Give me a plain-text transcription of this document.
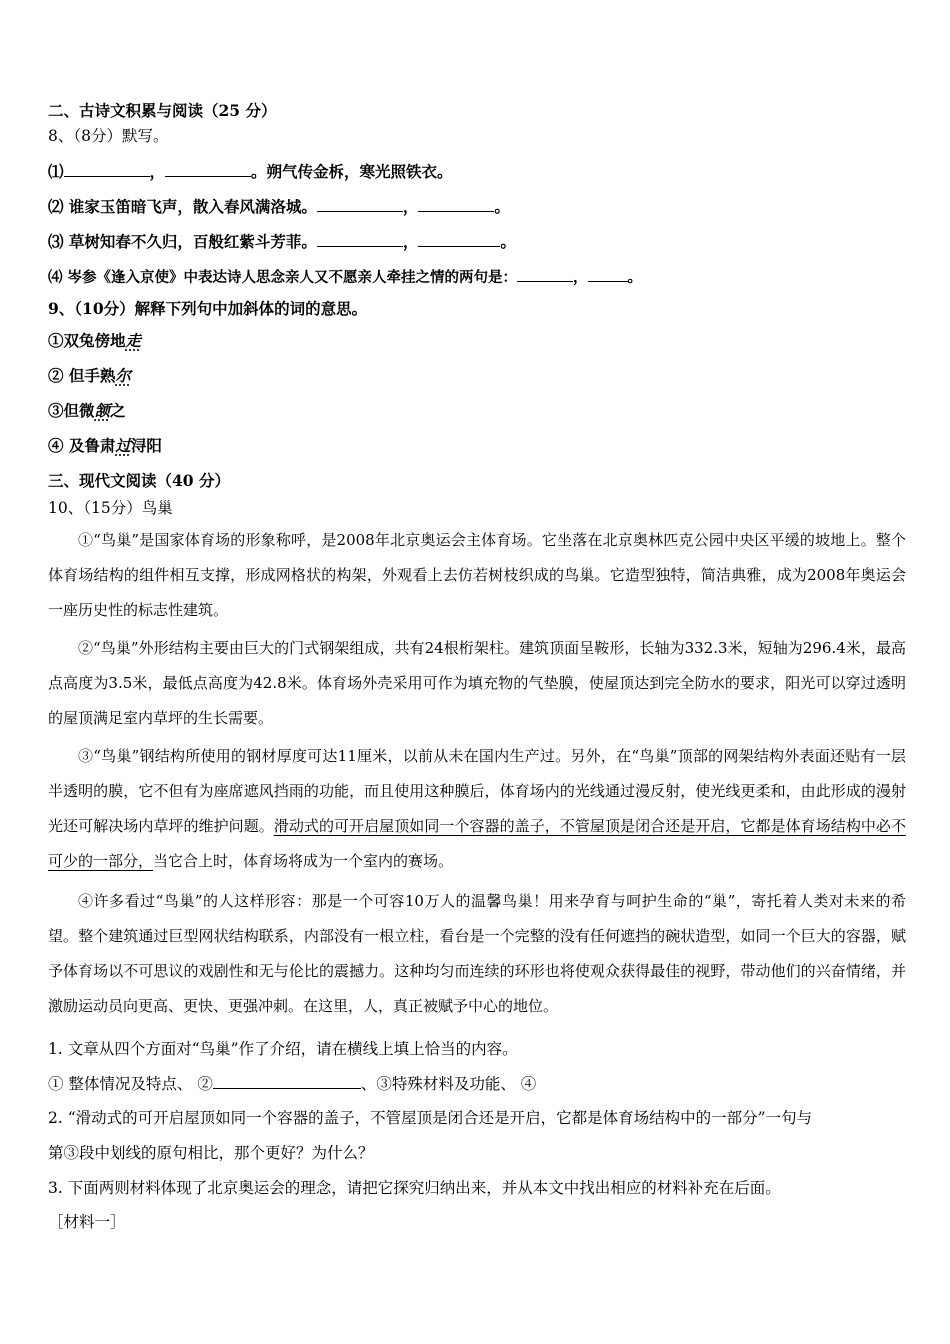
二、古诗文积累与阅读（25 分）
8、（8分）默写。
⑴	，	。朔气传金柝，寒光照铁衣。
⑵ 谁家玉笛暗飞声，散入春风满洛城。	，	。
⑶ 草树知春不久归，百般红紫斗芳菲。	，	。
⑷ 岑参《逢入京使》中表达诗人思念亲人又不愿亲人牵挂之情的两句是：	，	。
9、（10分）解释下列句中加斜体的词的意思。
①双兔傍地走
② 但手熟尔
③但微颔之
④ 及鲁肃过浔阳
三、现代文阅读（40 分）
10、（15分）鸟巢
①“鸟巢”是国家体育场的形象称呼，是2008年北京奥运会主体育场。它坐落在北京奥林匹克公园中央区平缓的坡地上。整个体育场结构的组件相互支撑，形成网格状的构架，外观看上去仿若树枝织成的鸟巢。它造型独特，简洁典雅，成为2008年奥运会一座历史性的标志性建筑。
②“鸟巢”外形结构主要由巨大的门式钢架组成，共有24根桁架柱。建筑顶面呈鞍形，长轴为332.3米，短轴为296.4米，最高点高度为3.5米，最低点高度为42.8米。体育场外壳采用可作为填充物的气垫膜，使屋顶达到完全防水的要求，阳光可以穿过透明的屋顶满足室内草坪的生长需要。
③“鸟巢”钢结构所使用的钢材厚度可达11厘米，以前从未在国内生产过。另外，在“鸟巢”顶部的网架结构外表面还贴有一层半透明的膜，它不但有为座席遮风挡雨的功能，而且使用这种膜后，体育场内的光线通过漫反射，使光线更柔和，由此形成的漫射光还可解决场内草坪的维护问题。滑动式的可开启屋顶如同一个容器的盖子，不管屋顶是闭合还是开启，它都是体育场结构中必不可少的一部分，当它合上时，体育场将成为一个室内的赛场。
④许多看过“鸟巢”的人这样形容：那是一个可容10万人的温馨鸟巢！用来孕育与呵护生命的“巢”，寄托着人类对未来的希望。整个建筑通过巨型网状结构联系，内部没有一根立柱，看台是一个完整的没有任何遮挡的碗状造型，如同一个巨大的容器，赋予体育场以不可思议的戏剧性和无与伦比的震撼力。这种均匀而连续的环形也将使观众获得最佳的视野，带动他们的兴奋情绪，并激励运动员向更高、更快、更强冲刺。在这里，人，真正被赋予中心的地位。
1. 文章从四个方面对“鸟巢”作了介绍，请在横线上填上恰当的内容。
① 整体情况及特点、 ②	、③特殊材料及功能、 ④
2. “滑动式的可开启屋顶如同一个容器的盖子，不管屋顶是闭合还是开启，它都是体育场结构中的一部分”一句与
第③段中划线的原句相比，那个更好？为什么？
3. 下面两则材料体现了北京奥运会的理念，请把它探究归纳出来，并从本文中找出相应的材料补充在后面。
［材料一］
